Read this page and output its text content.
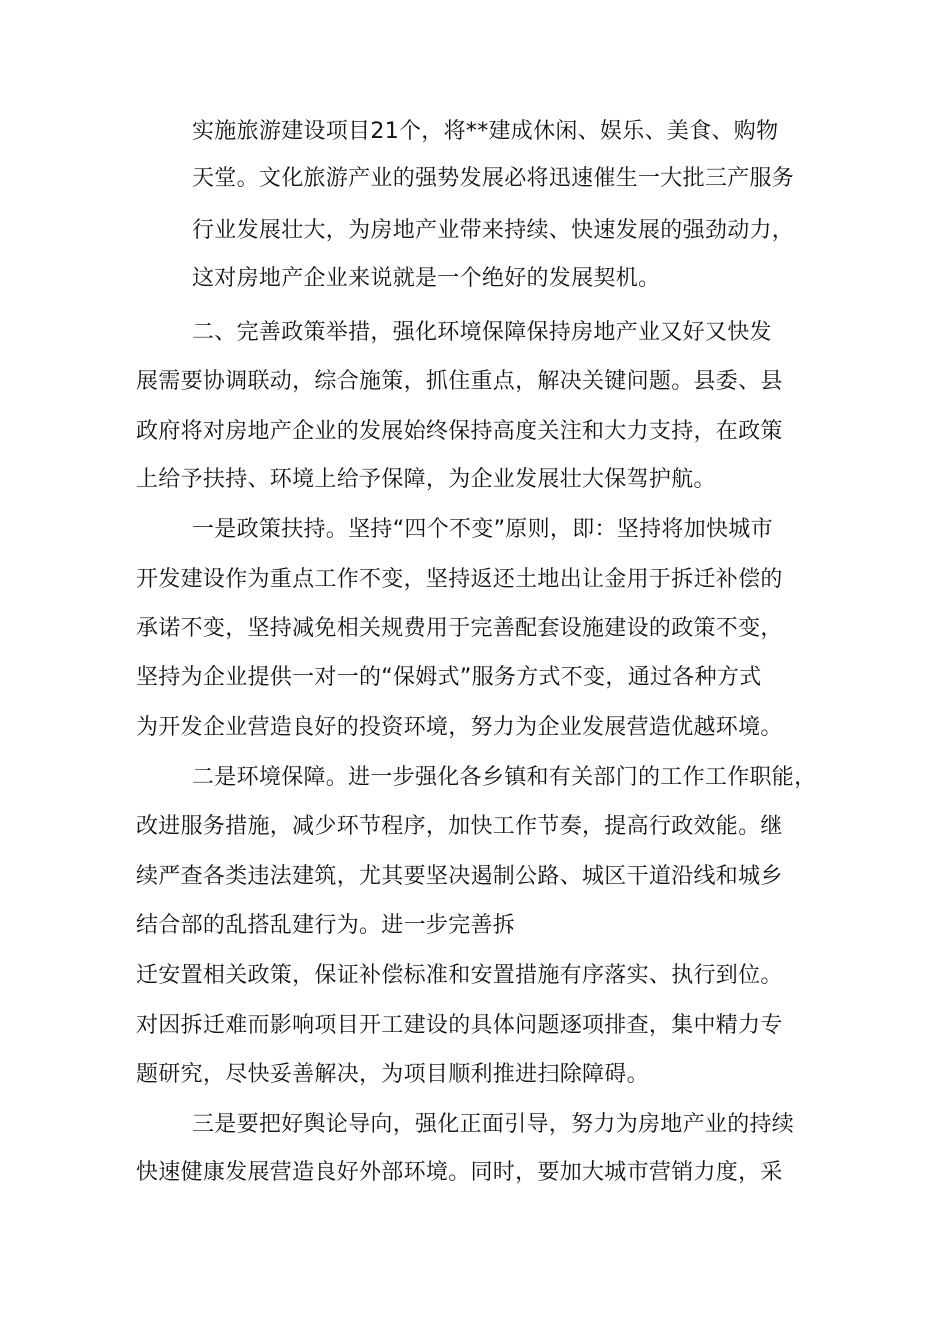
实施旅游建设项目21个，将**建成休闲、娱乐、美食、购物
天堂。文化旅游产业的强势发展必将迅速催生一大批三产服务
行业发展壮大，为房地产业带来持续、快速发展的强劲动力，
这对房地产企业来说就是一个绝好的发展契机。
二、完善政策举措，强化环境保障保持房地产业又好又快发
展需要协调联动，综合施策，抓住重点，解决关键问题。县委、县
政府将对房地产企业的发展始终保持高度关注和大力支持，在政策
上给予扶持、环境上给予保障，为企业发展壮大保驾护航。
一是政策扶持。坚持“四个不变”原则，即：坚持将加快城市
开发建设作为重点工作不变，坚持返还土地出让金用于拆迁补偿的
承诺不变，坚持减免相关规费用于完善配套设施建设的政策不变，
坚持为企业提供一对一的“保姆式”服务方式不变，通过各种方式
为开发企业营造良好的投资环境，努力为企业发展营造优越环境。
二是环境保障。进一步强化各乡镇和有关部门的工作工作职能，
改进服务措施，减少环节程序，加快工作节奏，提高行政效能。继
续严查各类违法建筑，尤其要坚决遏制公路、城区干道沿线和城乡
结合部的乱搭乱建行为。进一步完善拆
迁安置相关政策，保证补偿标准和安置措施有序落实、执行到位。
对因拆迁难而影响项目开工建设的具体问题逐项排查，集中精力专
题研究，尽快妥善解决，为项目顺利推进扫除障碍。
三是要把好舆论导向，强化正面引导，努力为房地产业的持续
快速健康发展营造良好外部环境。同时，要加大城市营销力度，采
